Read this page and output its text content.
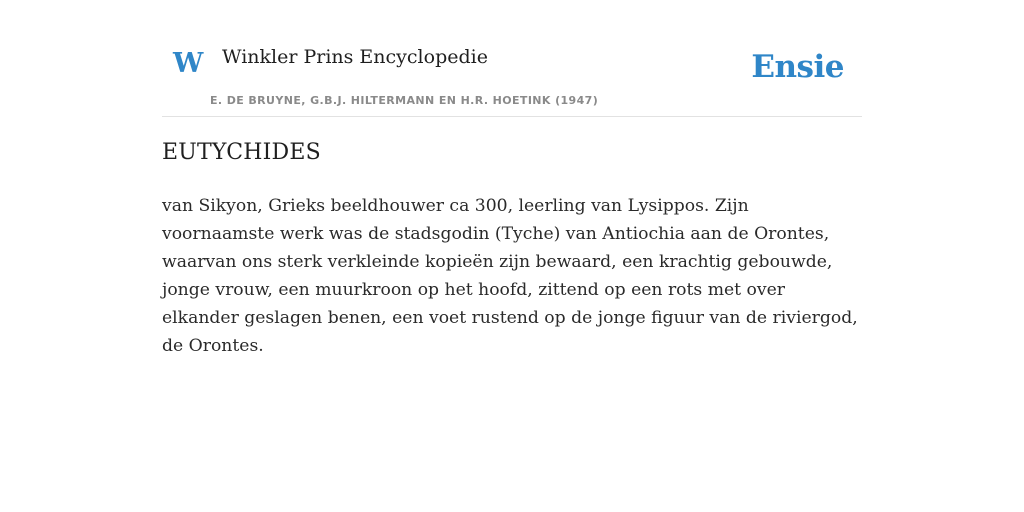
W Winkler Prins Encyclopedie
E. DE BRUYNE, G.B.J. HILTERMANN EN H.R. HOETINK (1947)
Ensie
EUTYCHIDES

van Sikyon, Grieks beeldhouwer ca 300, leerling van Lysippos. Zijn voornaamste werk was de stadsgodin (Tyche) van Antiochia aan de Orontes, waarvan ons sterk verkleinde kopieën zijn bewaard, een krachtig gebouwde, jonge vrouw, een muurkroon op het hoofd, zittend op een rots met over elkander geslagen benen, een voet rustend op de jonge figuur van de riviergod, de Orontes.
